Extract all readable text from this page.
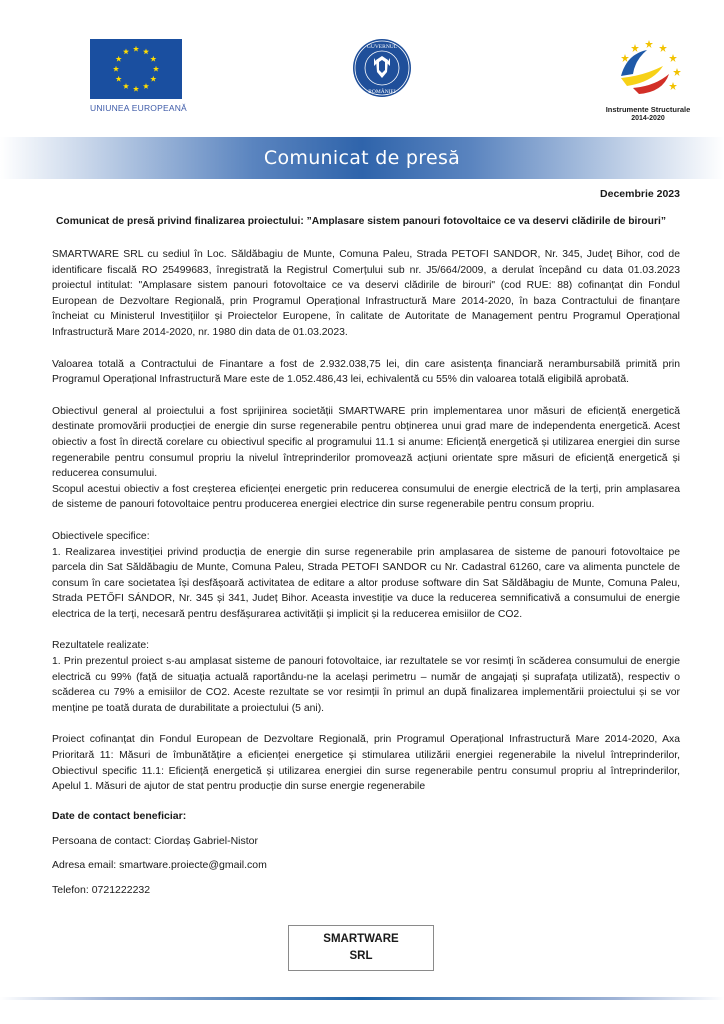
UNIUNEA EUROPEANĂ
GUVERNUL
ROMÂNIEI
Instrumente Structurale
2014-2020
Comunicat de presă
Decembrie 2023
Comunicat de presă privind finalizarea proiectului: ”Amplasare sistem panouri fotovoltaice ce va deservi clădirile de birouri”

SMARTWARE SRL cu sediul în Loc. Săldăbagiu de Munte, Comuna Paleu, Strada PETOFI SANDOR, Nr. 345, Județ Bihor, cod de identificare fiscală RO 25499683, înregistrată la Registrul Comerțului sub nr. J5/664/2009, a derulat începând cu data 01.03.2023 proiectul intitulat: "Amplasare sistem panouri fotovoltaice ce va deservi clădirile de birouri" (cod RUE: 88) cofinanțat din Fondul European de Dezvoltare Regională, prin Programul Operațional Infrastructură Mare 2014-2020, în baza Contractului de finanțare încheiat cu Ministerul Investițiilor și Proiectelor Europene, în calitate de Autoritate de Management pentru Programul Operațional Infrastructură Mare 2014-2020, nr. 1980 din data de 01.03.2023.

Valoarea totală a Contractului de Finantare a fost de 2.932.038,75 lei, din care asistența financiară nerambursabilă primită prin Programul Operațional Infrastructură Mare este de 1.052.486,43 lei, echivalentă cu 55% din valoarea totală eligibilă aprobată.

Obiectivul general al proiectului a fost sprijinirea societății SMARTWARE prin implementarea unor măsuri de eficiență energetică destinate promovării producției de energie din surse regenerabile pentru obținerea unui grad mare de independenta energetică. Acest obiectiv a fost în directă corelare cu obiectivul specific al programului 11.1 si anume: Eficiență energetică și utilizarea energiei din surse regenerabile pentru consumul propriu la nivelul întreprinderilor promovează acțiuni orientate spre măsuri de eficiență energetică și reducerea consumului.

Scopul acestui obiectiv a fost creșterea eficienței energetic prin reducerea consumului de energie electrică de la terți, prin amplasarea de sisteme de panouri fotovoltaice pentru producerea energiei electrice din surse regenerabile pentru consum propriu.

Obiectivele specifice:

1. Realizarea investiției privind producția de energie din surse regenerabile prin amplasarea de sisteme de panouri fotovoltaice pe parcela din Sat Săldăbagiu de Munte, Comuna Paleu, Strada PETOFI SANDOR cu Nr. Cadastral 61260, care va alimenta punctele de consum în care societatea își desfășoară activitatea de editare a altor produse software din Sat Săldăbagiu de Munte, Comuna Paleu, Strada PETŐFI SÁNDOR, Nr. 345 și 341, Județ Bihor. Aceasta investiție va duce la reducerea semnificativă a consumului de energie electrica de la terți, necesară pentru desfășurarea activității și implicit și la reducerea emisiilor de CO2.

Rezultatele realizate:

1. Prin prezentul proiect s-au amplasat sisteme de panouri fotovoltaice, iar rezultatele se vor resimți în scăderea consumului de energie electrică cu 99% (față de situația actuală raportându-ne la același perimetru – număr de angajați și suprafața utilizată), respectiv o scăderea cu 79% a emisiilor de CO2. Aceste rezultate se vor resimții în primul an după finalizarea implementării proiectului și se vor menține pe toată durata de durabilitate a proiectului (5 ani).

Proiect cofinanțat din Fondul European de Dezvoltare Regională, prin Programul Operațional Infrastructură Mare 2014-2020, Axa Prioritară 11: Măsuri de îmbunătățire a eficienței energetice și stimularea utilizării energiei regenerabile la nivelul întreprinderilor, Obiectivul specific 11.1: Eficiență energetică și utilizarea energiei din surse regenerabile pentru consumul propriu al întreprinderilor, Apelul 1. Măsuri de ajutor de stat pentru producție din surse energie regenerabile

Date de contact beneficiar:
Persoana de contact: Ciordaș Gabriel-Nistor
Adresa email: smartware.proiecte@gmail.com
Telefon: 0721222232
SMARTWARE
SRL
